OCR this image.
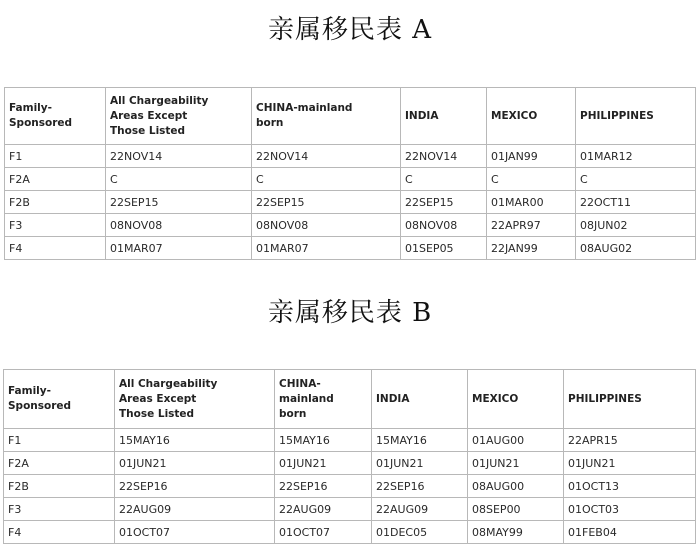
亲属移民表 A
Family-
Sponsored	All Chargeability
Areas Except
Those Listed	CHINA-mainland
born	INDIA	MEXICO	PHILIPPINES
F1	22NOV14	22NOV14	22NOV14	01JAN99	01MAR12
F2A	C	C	C	C	C
F2B	22SEP15	22SEP15	22SEP15	01MAR00	22OCT11
F3	08NOV08	08NOV08	08NOV08	22APR97	08JUN02
F4	01MAR07	01MAR07	01SEP05	22JAN99	08AUG02
亲属移民表 B
Family-
Sponsored	All Chargeability
Areas Except
Those Listed	CHINA-
mainland
born	INDIA	MEXICO	PHILIPPINES
F1	15MAY16	15MAY16	15MAY16	01AUG00	22APR15
F2A	01JUN21	01JUN21	01JUN21	01JUN21	01JUN21
F2B	22SEP16	22SEP16	22SEP16	08AUG00	01OCT13
F3	22AUG09	22AUG09	22AUG09	08SEP00	01OCT03
F4	01OCT07	01OCT07	01DEC05	08MAY99	01FEB04
